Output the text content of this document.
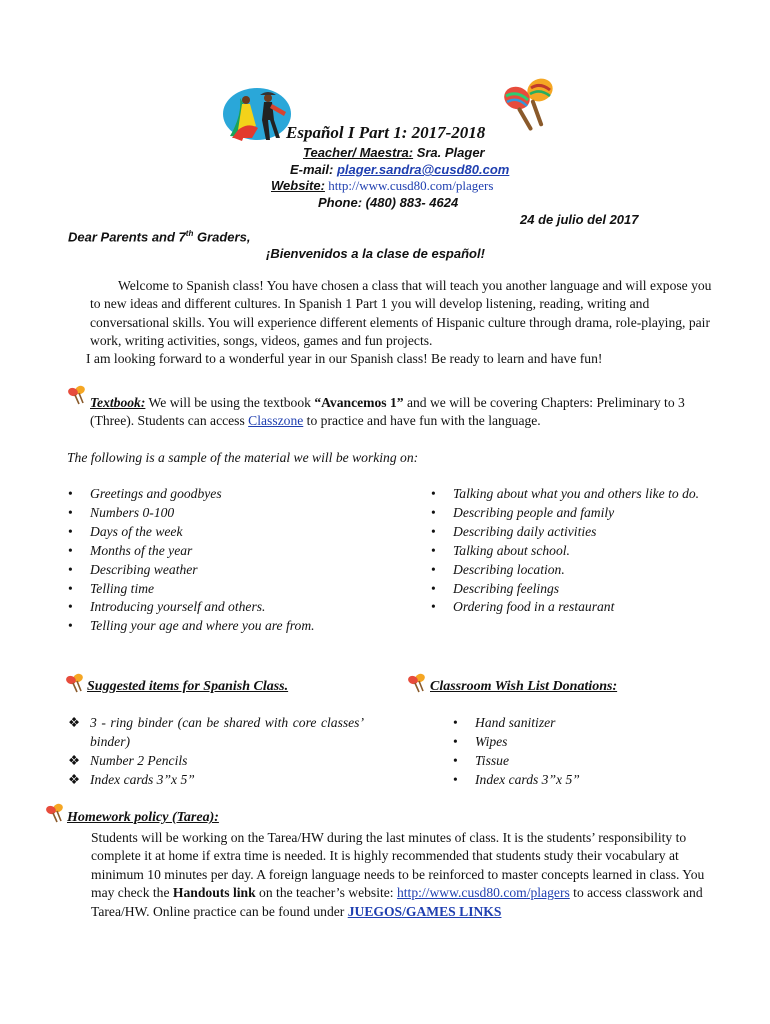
Español I Part 1: 2017-2018
Teacher/ Maestra: Sra. Plager
E-mail: plager.sandra@cusd80.com
Website: http://www.cusd80.com/plagers
Phone: (480) 883- 4624
24 de julio del 2017
Dear Parents and 7th Graders,
¡Bienvenidos a la clase de español!
Welcome to Spanish class! You have chosen a class that will teach you another language and will expose you to new ideas and different cultures. In Spanish 1 Part 1 you will develop listening, reading, writing and conversational skills. You will experience different elements of Hispanic culture through drama, role-playing, pair work, writing activities, songs, videos, games and fun projects.
I am looking forward to a wonderful year in our Spanish class! Be ready to learn and have fun!
Textbook: We will be using the textbook “Avancemos 1” and we will be covering Chapters: Preliminary to 3 (Three). Students can access Classzone to practice and have fun with the language.
The following is a sample of the material we will be working on:
• Greetings and goodbyes
• Numbers 0-100
• Days of the week
• Months of the year
• Describing weather
• Telling time
• Introducing yourself and others.
• Telling your age and where you are from.
• Talking about what you and others like to do.
• Describing people and family
• Describing daily activities
• Talking about school.
• Describing location.
• Describing feelings
• Ordering food in a restaurant
Suggested items for Spanish Class.
❖ 3 - ring binder (can be shared with core classes’ binder)
❖ Number 2 Pencils
❖ Index cards 3”x 5”
Classroom Wish List Donations:
• Hand sanitizer
• Wipes
• Tissue
• Index cards 3”x 5”
Homework policy (Tarea):
Students will be working on the Tarea/HW during the last minutes of class. It is the students’ responsibility to complete it at home if extra time is needed. It is highly recommended that students study their vocabulary at minimum 10 minutes per day. A foreign language needs to be reinforced to master concepts learned in class. You may check the Handouts link on the teacher’s website: http://www.cusd80.com/plagers to access classwork and Tarea/HW. Online practice can be found under JUEGOS/GAMES LINKS
